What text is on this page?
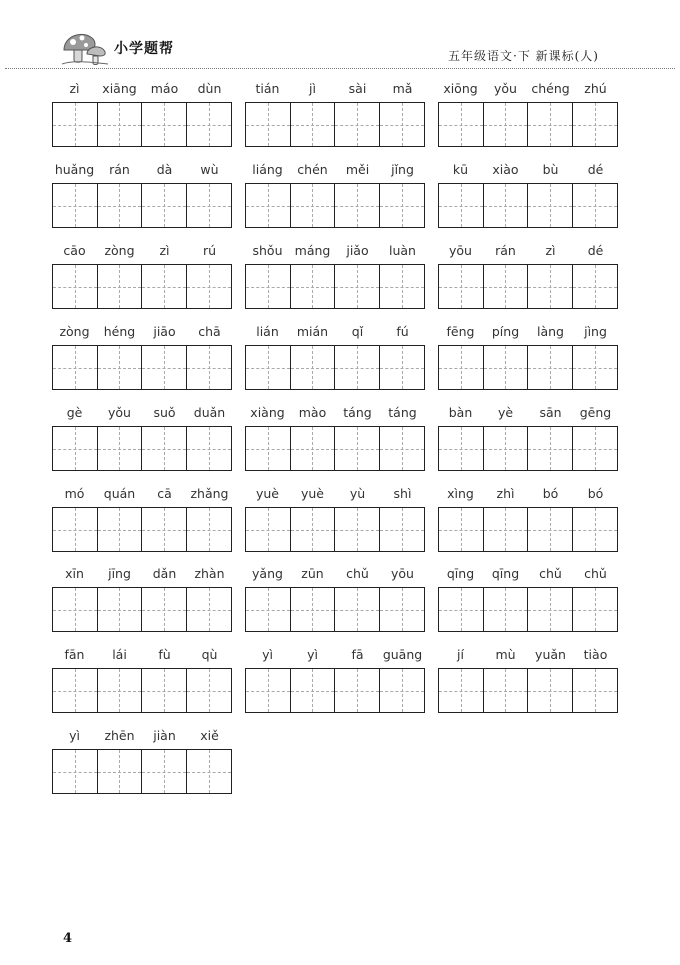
小学题帮	五年级语文·下 新课标(人)
zì	xiāng	máo	dùn	tián	jì	sài	mǎ	xiōng	yǒu	chéng	zhú
huǎng	rán	dà	wù	liáng	chén	měi	jǐng	kū	xiào	bù	dé
cāo	zòng	zì	rú	shǒu máng	jiǎo	luàn	yōu	rán	zì	dé
zòng	héng	jiāo	chā	lián	mián	qǐ	fú	fēng	píng	làng	jìng
gè	yǒu	suǒ	duǎn	xiàng	mào	táng	táng	bàn	yè	sān	gēng
mó	quán	cā	zhǎng	yuè	yuè	yù	shì	xìng	zhì	bó	bó
xīn	jīng	dǎn	zhàn	yǎng	zūn	chǔ	yōu	qīng	qīng	chǔ	chǔ
fān	lái	fù	qù	yì	yì	fā	guāng	jí	mù	yuǎn	tiào
yì	zhēn	jiàn	xiě
4
